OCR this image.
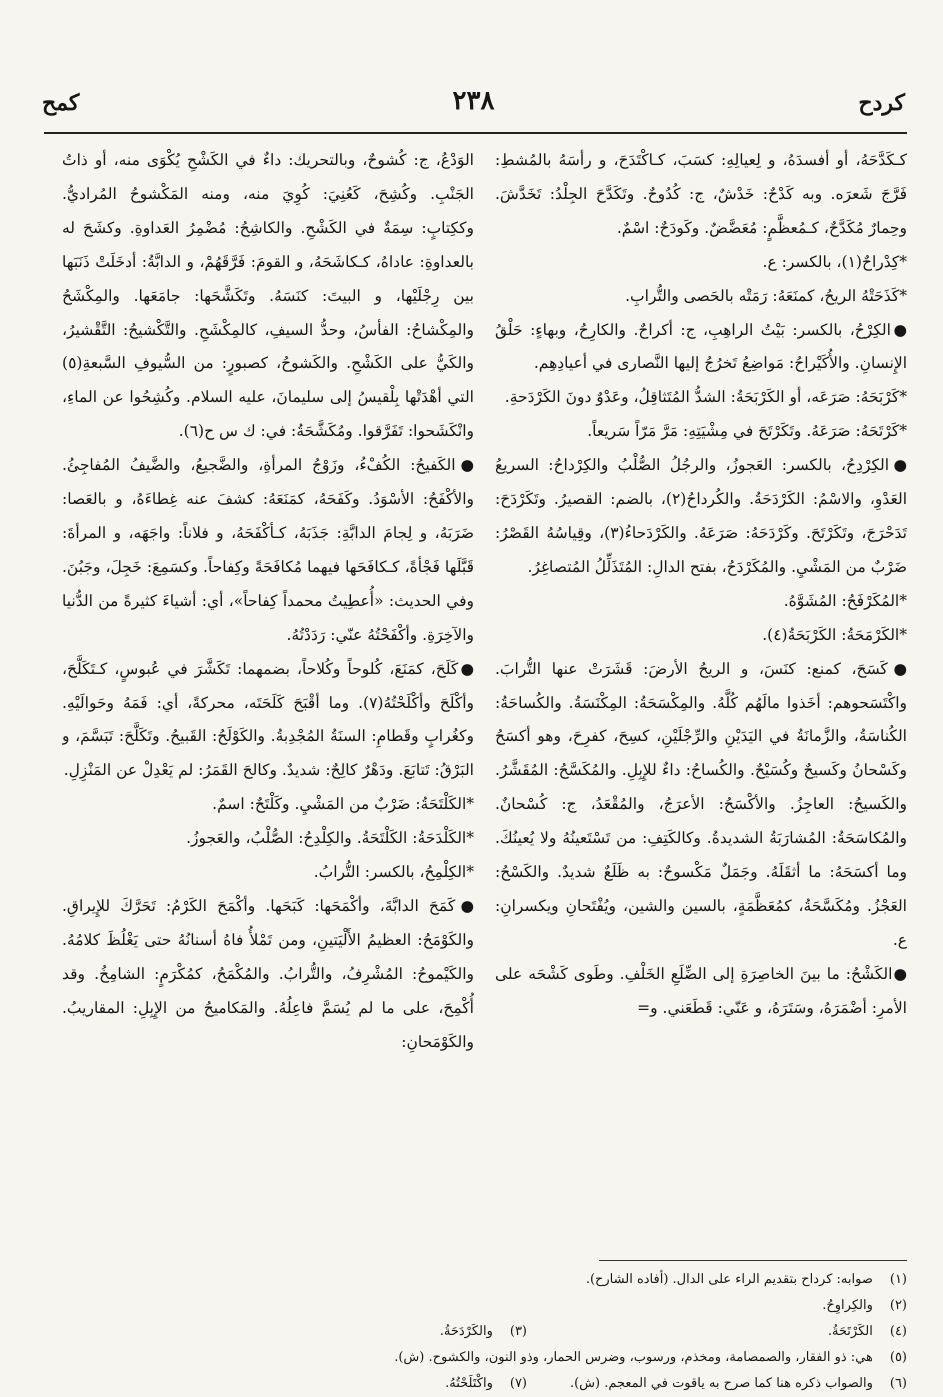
كردح
٢٣٨
كمح

كـكَدَّحَهُ، أو أفسدَهُ، و لِعيالِهِ: كسَبَ، كـاكْتَدَحَ، و رأسَهُ بالمُشطِ: فَرَّجَ شَعرَه. وبه كَدْحٌ: خَدْشٌ، ج: كُدُوحٌ. وتَكَدَّحَ الجِلْدُ: تَخَدَّشَ. وحِمارٌ مُكَدَّحٌ، كـمُعظَّمٍ: مُعَضَّضٌ. وكَودَحٌ: اسْمٌ.

*كِدْراحٌ(١)، بالكسر: ع.

*كَذَحَتْهُ الريحُ، كمنَعَهُ: رَمَتْه بالحَصى والتُّرابِ.

●الكِرْحُ، بالكسر: بَيْتُ الراهِبِ، ج: أكراحٌ. والكارِحُ، وبهاءٍ: حَلْقُ الإِنسانِ. والأُكَيْراحُ: مَواضِعُ تَخرُجُ إليها النَّصارى في أعيادِهِم.

*كَرْبَحَهُ: صَرَعَه، أو الكَرْبَحَةُ: الشدُّ المُتَثاقِلُ، وعَدْوٌ دونَ الكَرْدَحةِ.

*كَرْتَحَهُ: صَرَعَهُ. وتَكَرْتَحَ في مِشْيَتِهِ: مَرَّ مَرّاً سَريعاً.

●الكِرْدِحُ، بالكسر: العَجوزُ، والرجُلُ الصُّلْبُ والكِرْداحُ: السريعُ العَدْوِ، والاسْمُ: الكَرْدَحَةُ. والكُرداحُ(٢)، بالضم: القصيرُ. وتَكَرْدَحَ: تَدَحْرَجَ، وتَكَرْتَحَ. وكَرْدَحَهُ: صَرَعَهُ. والكَرْدَحاءُ(٣)، وقِياسُهُ القَصْرُ: ضَرْبٌ من المَشْيِ. والمُكَرْدَحُ، بفتح الدالِ: المُتَذَلِّلُ المُتصاغِرُ.

*المُكَرْفَحُ: المُشَوَّهُ.

*الكَرْمَحَةُ: الكَرْبَحَةُ(٤).

●كَسَحَ، كمنع: كنَسَ، و الريحُ الأرضَ: قَشَرَتْ عنها التُّرابَ. واكْتَسَحوهم: أخَذوا مالَهُم كُلَّهُ. والمِكْسَحَةُ: المِكْنَسَةُ. والكُساحَةُ: الكُناسَةُ، والزَّمانَةُ في اليَدَيْنِ والرِّجْلَيْنِ، كسِحَ، كفرِحَ، وهو أكسَحُ وكَسْحانُ وكَسيحٌ وكُسَيْحٌ. والكُساحُ: داءٌ للإِبِلِ. والمُكَسَّحُ: المُقَشَّرُ. والكَسيحُ: العاجِزُ. والأكْسَحُ: الأعرَجُ، والمُقْعَدُ، ج: كُسْحانٌ. والمُكاسَحَةُ: المُشارَبَةُ الشديدةُ. وكالكَتِفِ: من تَسْتَعينُهُ ولا يُعينُكَ. وما أكسَحَهُ: ما أثقَلَهُ. وجَمَلٌ مَكْسوحٌ: به ظَلَعٌ شديدٌ. والكَسْحُ: العَجْزُ. ومُكَسَّحَةُ، كمُعَظَّمَةٍ، بالسين والشين، ويُفْتَحانِ ويكسرانِ: ع.

●الكَشْحُ: ما بينَ الخاصِرَةِ إلى الضِّلَعِ الخَلْفِ. وطَوى كَشْحَه على الأمرِ: أضْمَرَهُ، وسَتَرَهُ، و عَنّي: قَطَعَني. و=

الوَدْعُ، ج: كُشوحٌ، وبالتحريك: داءٌ في الكَشْحِ يُكْوَى منه، أو ذاتُ الجَنْبِ. وكُشِحَ، كَعُنِيَ: كُوِيَ منه، ومنه المَكْشوحُ المُراديُّ. وككِتابٍ: سِمَةٌ في الكَشْحِ. والكاشِحُ: مُضْمِرُ العَداوةِ. وكشَحَ له بالعداوةِ: عاداهُ، كـكاشَحَهُ، و القومَ: فَرَّقَهُمْ، و الدابَّةُ: أدخَلَتْ ذَنَبَها بين رِجْلَيْها، و البيتَ: كنَسَهُ. وتَكَشَّحَها: جامَعَها. والمِكْشَحُ والمِكْشاحُ: الفأسُ، وحدُّ السيفِ، كالمِكْشَحِ. والتَّكْشيحُ: التَّقْشيرُ، والكَيُّ على الكَشْحِ. والكَشوحُ، كصبورٍ: من السُّيوفِ السَّبعةِ(٥) التي أهْدَتْها بِلْقيسُ إلى سليمانَ، عليه السلام. وكُشِحُوا عن الماءِ، وانْكَشَحوا: تَفَرَّقوا. ومُكَشَّحَةُ: في: ك س ح(٦).

●الكَفيحُ: الكُفْءُ، وزَوْجُ المرأةِ، والضَّجيعُ، والضَّيفُ المُفاجِئُ. والأكْفَحُ: الأسْوَدُ. وكَفَحَهُ، كمَنَعَهُ: كشفَ عنه غِطاءَهُ، و بالعَصا: ضَرَبَهُ، و لِجامَ الدابَّةِ: جَذَبَهُ، كـأكْفَحَهُ، و فلاناً: واجَهَه، و المرأةَ: قَبَّلَها فَجْأةً، كـكافَحَها فيهما مُكافَحَةً وكِفاحاً. وكسَمِعَ: خَجِلَ، وجَبُنَ. وفي الحديث: «أُعطِيتُ محمداً كِفاحاً»، أي: أشياءَ كثيرةً من الدُّنيا والآخِرَةِ. وأكْفَحْتُهُ عنّي: رَدَدْتُهُ.

●كَلَحَ، كمَنَعَ، كُلوحاً وكُلاحاً، بضمهما: تَكَشَّرَ في عُبوسٍ، كـتَكَلَّحَ، وأكْلَحَ وأكْلَحْتُهُ(٧). وما أقْبَحَ كَلَحَتَه، محركةً، أي: فَمَهُ وحَوالَيْهِ. وكغُرابٍ وقَطامِ: السنَةُ المُجْدِبةُ. والكَوْلَحُ: القَبيحُ. وتَكَلَّحَ: تَبَسَّمَ، و البَرْقُ: تَتابَعَ. ودَهْرٌ كالِحٌ: شديدٌ. وكالحَ القَمَرُ: لم يَعْدِلْ عن المَنْزِلِ.

*الكَلْتَحَةُ: ضَرْبٌ من المَشْيِ. وكَلْتَحٌ: اسمٌ.

*الكَلْدَحَةُ: الكَلْتَحَةُ. والكِلْدِحُ: الصُّلْبُ، والعَجوزُ.

*الكِلْمِحُ، بالكسر: التُّرابُ.

●كَمَحَ الدابَّةَ، وأكْمَحَها: كَبَحَها. وأكْمَحَ الكَرْمُ: تَحَرَّكَ للإِيراقِ. والكَوْمَحُ: العظيمُ الأَلْيَتينِ، ومن تَمْلأُ فاهُ أسنانُهُ حتى يَغْلُظَ كلامُهُ. والكَيْموحُ: المُشْرِفُ، والتُّرابُ. والمُكْمَحُ، كمُكْرَمٍ: الشامِخُ. وقد أُكْمِحَ، على ما لم يُسَمَّ فاعِلُهُ. والمَكاميحُ من الإِبِلِ: المقاريبُ. والكَوْمَحانِ:

(١) صوابه: كرداح بتقديم الراء على الدال. (أفاده الشارح).
(٢) والكِراوِحُ.
(٤) الكَرْتَحَةُ.
(٣) والكَرْدَحَةُ.
(٥) هي: ذو الفقار، والصمصامة، ومخذم، ورسوب، وضرس الحمار، وذو النون، والكشوح. (ش).
(٦) والصواب ذكره هنا كما صرح به ياقوت في المعجم. (ش).
(٧) واكْتَلَحْتُهُ.
